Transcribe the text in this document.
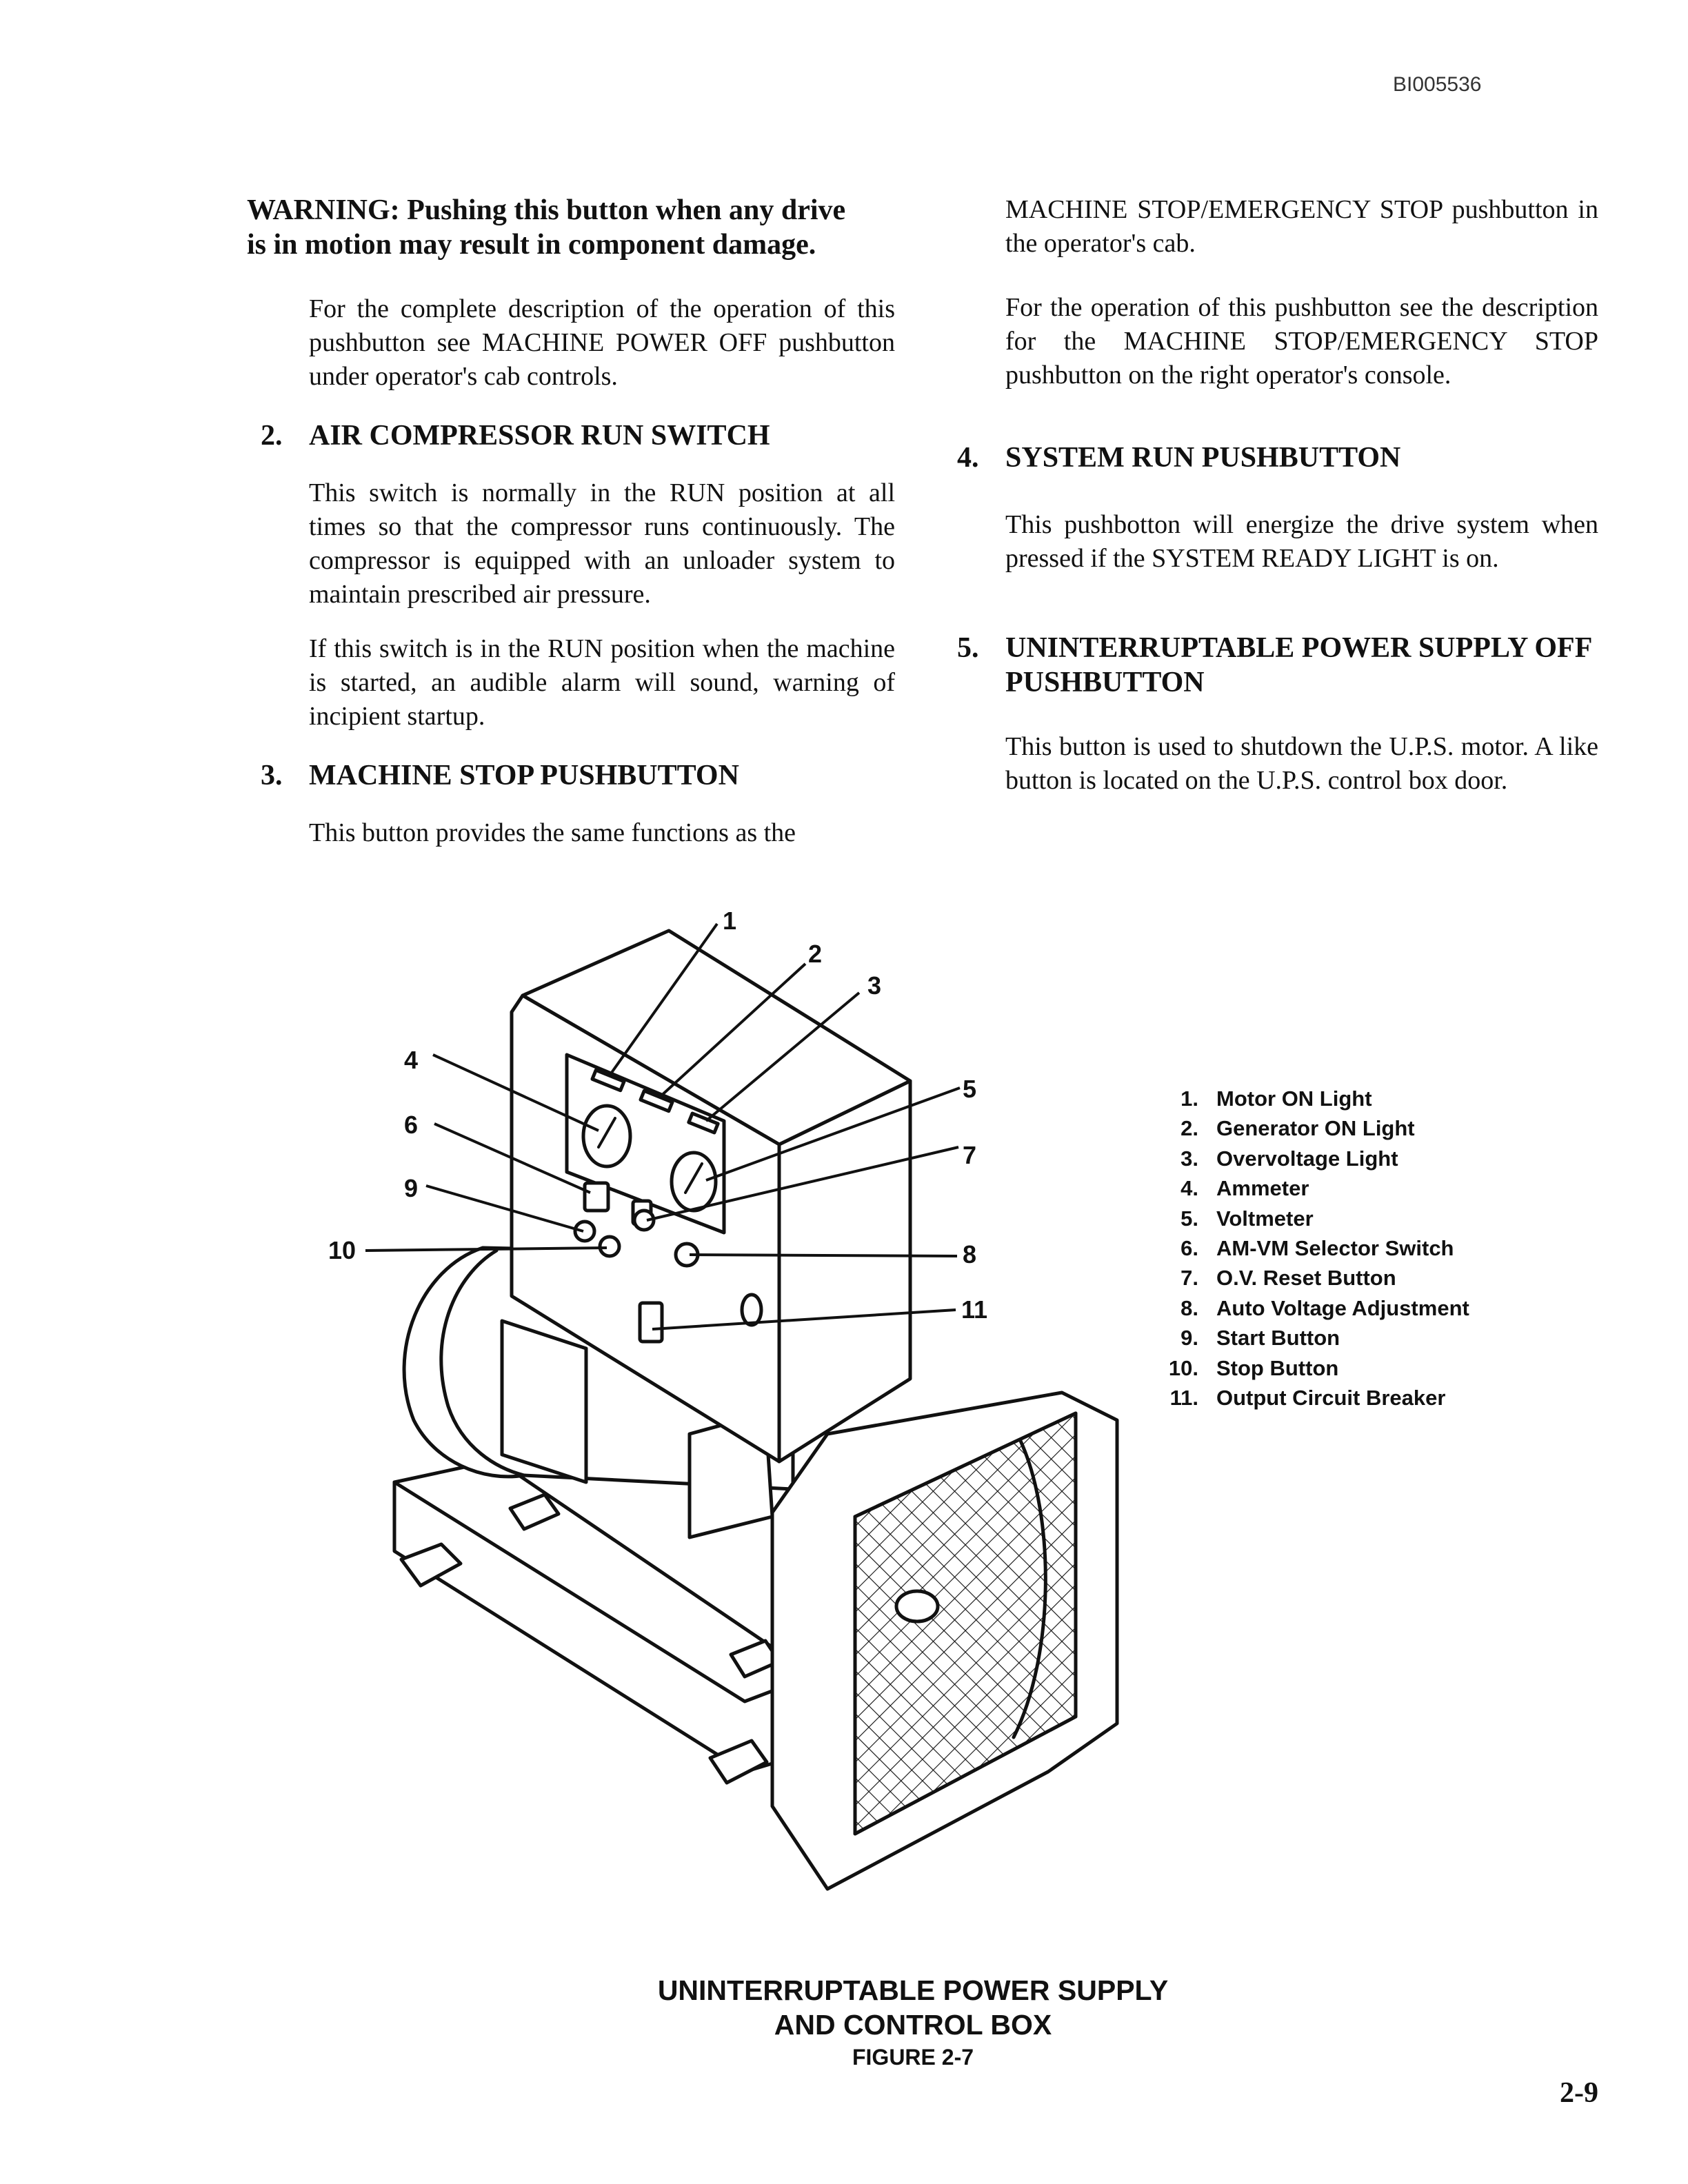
BI005536
WARNING: Pushing this button when any drive
is in motion may result in component damage.

For the complete description of the operation of this pushbutton see MACHINE POWER OFF pushbutton under operator's cab controls.

2. AIR COMPRESSOR RUN SWITCH

This switch is normally in the RUN position at all times so that the compressor runs continuously. The compressor is equipped with an unloader system to maintain prescribed air pressure.

If this switch is in the RUN position when the machine is started, an audible alarm will sound, warning of incipient startup.

3. MACHINE STOP PUSHBUTTON

This button provides the same functions as the

MACHINE STOP/EMERGENCY STOP pushbutton in the operator's cab.

For the operation of this pushbutton see the description for the MACHINE STOP/EMERGENCY STOP pushbutton on the right operator's console.

4. SYSTEM RUN PUSHBUTTON

This pushbotton will energize the drive system when pressed if the SYSTEM READY LIGHT is on.

5. UNINTERRUPTABLE POWER SUPPLY OFF PUSHBUTTON

This button is used to shutdown the U.P.S. motor. A like button is located on the U.P.S. control box door.

1
2
3
4
5
6
7
8
9
10
11
1. Motor ON Light
2. Generator ON Light
3. Overvoltage Light
4. Ammeter
5. Voltmeter
6. AM-VM Selector Switch
7. O.V. Reset Button
8. Auto Voltage Adjustment
9. Start Button
10. Stop Button
11. Output Circuit Breaker
UNINTERRUPTABLE POWER SUPPLY
AND CONTROL BOX
FIGURE 2-7
2-9
